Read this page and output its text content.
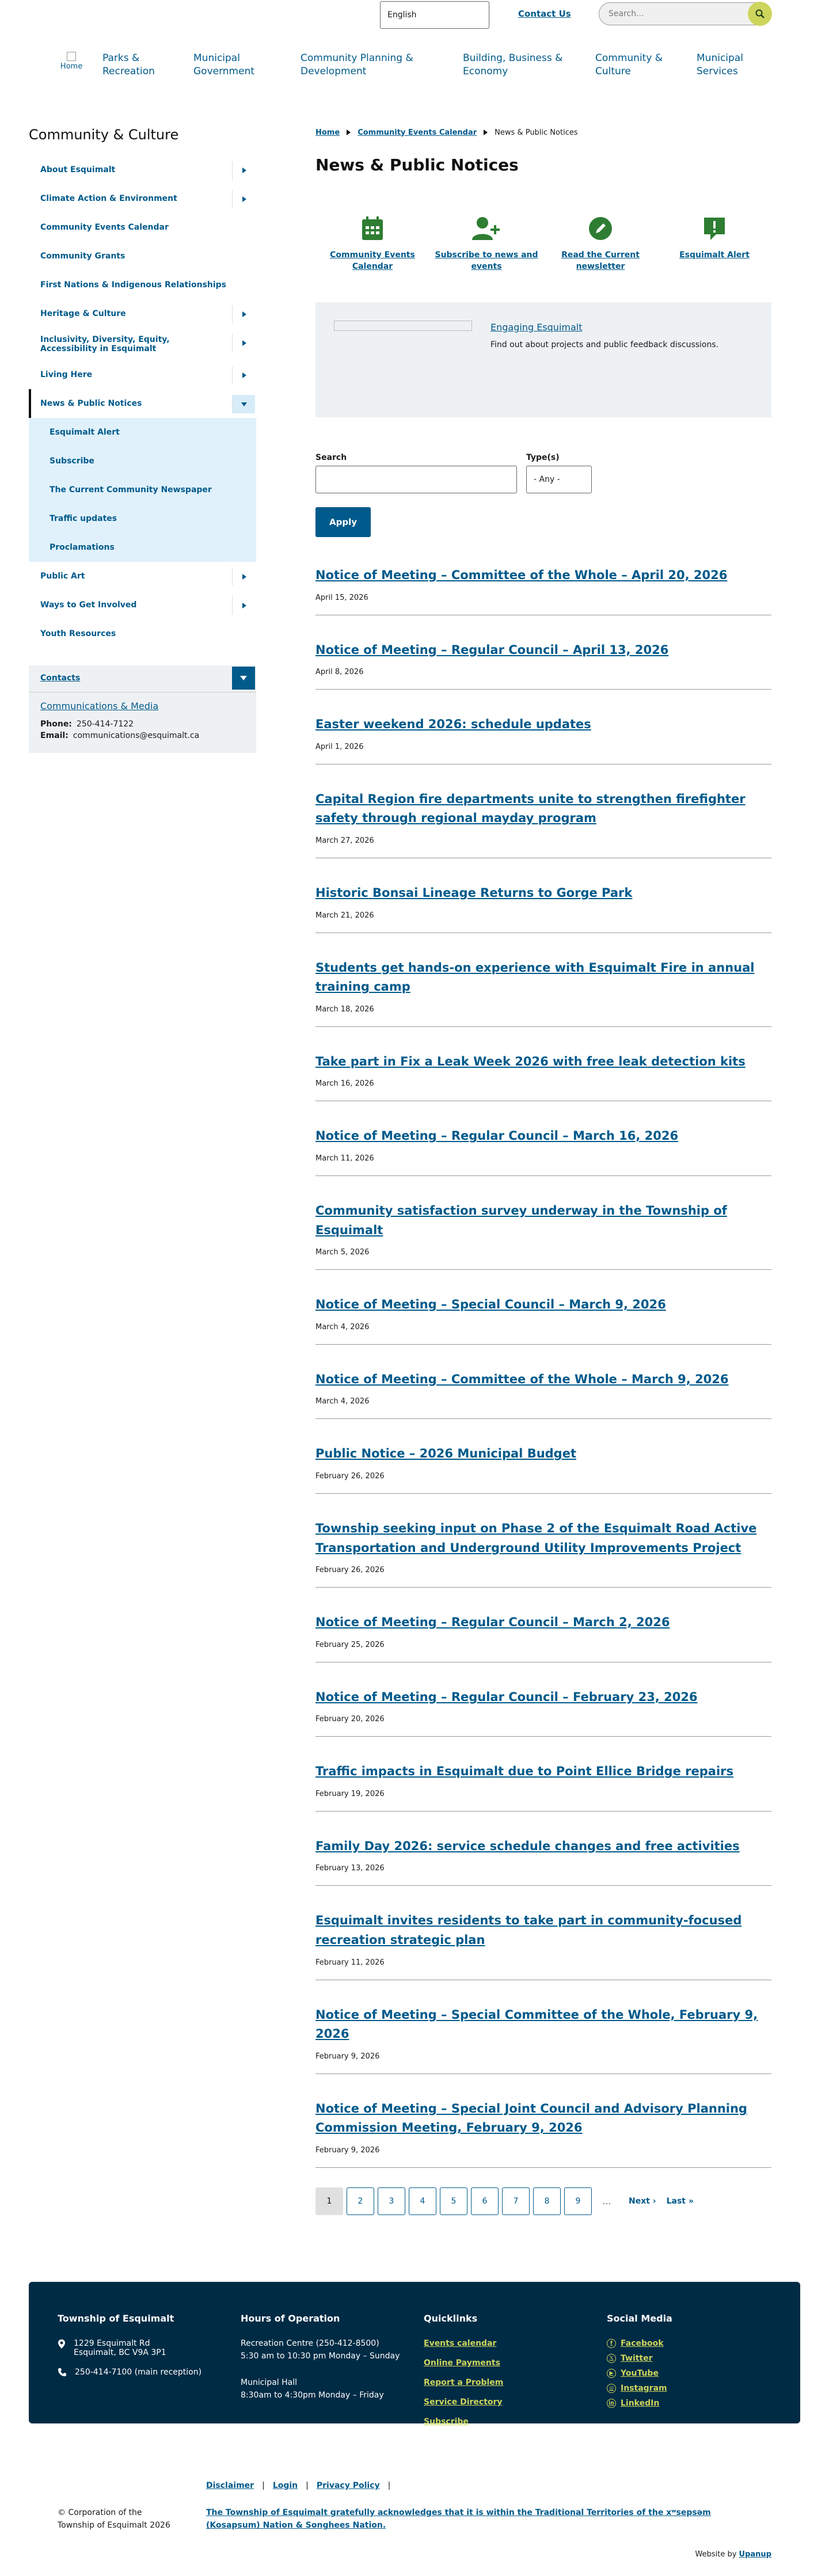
English	Contact Us	Search...
Home
Parks & Recreation
Municipal Government
Community Planning & Development
Building, Business & Economy
Community & Culture
Municipal Services
Community & Culture
About Esquimalt
Climate Action & Environment
Community Events Calendar
Community Grants
First Nations & Indigenous Relationships
Heritage & Culture
Inclusivity, Diversity, Equity, Accessibility in Esquimalt
Living Here
News & Public Notices
Esquimalt Alert
Subscribe
The Current Community Newspaper
Traffic updates
Proclamations
Public Art
Ways to Get Involved
Youth Resources
Contacts
Communications & Media
Phone: 250-414-7122
Email: communications@esquimalt.ca
Home Community Events Calendar News & Public Notices
News & Public Notices
Community Events Calendar
Subscribe to news and events
Read the Current newsletter
Esquimalt Alert
Engaging Esquimalt
Find out about projects and public feedback discussions.
Search	Type(s)
- Any -
Apply
Notice of Meeting – Committee of the Whole – April 20, 2026
April 15, 2026
Notice of Meeting – Regular Council – April 13, 2026
April 8, 2026
Easter weekend 2026: schedule updates
April 1, 2026
Capital Region fire departments unite to strengthen firefighter safety through regional mayday program
March 27, 2026
Historic Bonsai Lineage Returns to Gorge Park
March 21, 2026
Students get hands-on experience with Esquimalt Fire in annual training camp
March 18, 2026
Take part in Fix a Leak Week 2026 with free leak detection kits
March 16, 2026
Notice of Meeting – Regular Council – March 16, 2026
March 11, 2026
Community satisfaction survey underway in the Township of Esquimalt
March 5, 2026
Notice of Meeting – Special Council – March 9, 2026
March 4, 2026
Notice of Meeting – Committee of the Whole – March 9, 2026
March 4, 2026
Public Notice – 2026 Municipal Budget
February 26, 2026
Township seeking input on Phase 2 of the Esquimalt Road Active Transportation and Underground Utility Improvements Project
February 26, 2026
Notice of Meeting – Regular Council – March 2, 2026
February 25, 2026
Notice of Meeting – Regular Council – February 23, 2026
February 20, 2026
Traffic impacts in Esquimalt due to Point Ellice Bridge repairs
February 19, 2026
Family Day 2026: service schedule changes and free activities
February 13, 2026
Esquimalt invites residents to take part in community-focused recreation strategic plan
February 11, 2026
Notice of Meeting – Special Committee of the Whole, February 9, 2026
February 9, 2026
Notice of Meeting – Special Joint Council and Advisory Planning Commission Meeting, February 9, 2026
February 9, 2026
1	2	3	4	5	6	7	8	9	…	Next › Last »
Township of Esquimalt
1229 Esquimalt Rd
Esquimalt, BC V9A 3P1
250-414-7100 (main reception)
Hours of Operation
Recreation Centre (250-412-8500)
5:30 am to 10:30 pm Monday – Sunday
Municipal Hall
8:30am to 4:30pm Monday – Friday
Quicklinks
Events calendar
Online Payments
Report a Problem
Service Directory
Subscribe
Social Media
f	Facebook
𝕏 Twitter
▶ YouTube
◎ Instagram
in LinkedIn
Disclaimer | Login | Privacy Policy |
© Corporation of the
Township of Esquimalt 2026
The Township of Esquimalt gratefully acknowledges that it is within the Traditional Territories of the xʷsepsəm (Kosapsum) Nation & Songhees Nation.
Website by Upanup
